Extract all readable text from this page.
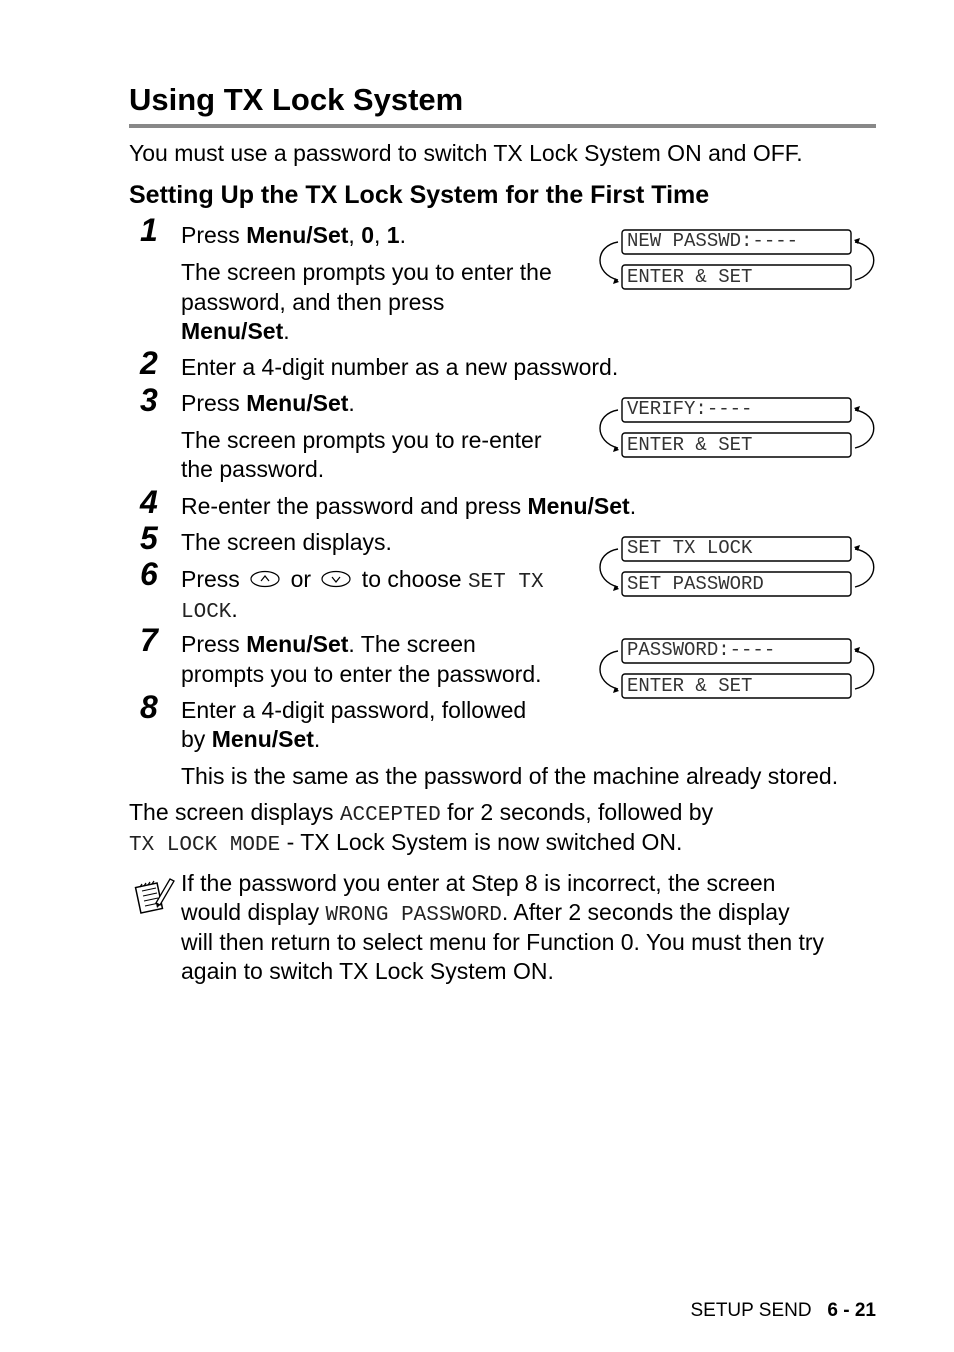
Using TX Lock System
You must use a password to switch TX Lock System ON and OFF.
Setting Up the TX Lock System for the First Time
1
2
3
4
5
6
7
8
Press Menu/Set, 0, 1.
The screen prompts you to enter the
password, and then press
Menu/Set.
Enter a 4-digit number as a new password.
Press Menu/Set.
The screen prompts you to re-enter
the password.
Re-enter the password and press Menu/Set.
The screen displays.
Press  or  to choose SET TX
LOCK.
Press Menu/Set. The screen
prompts you to enter the password.
Enter a 4-digit password, followed
by Menu/Set.
This is the same as the password of the machine already stored.
The screen displays ACCEPTED for 2 seconds, followed by
TX LOCK MODE - TX Lock System is now switched ON.
If the password you enter at Step 8 is incorrect, the screen
would display WRONG PASSWORD. After 2 seconds the display
will then return to select menu for Function 0. You must then try
again to switch TX Lock System ON.
NEW PASSWD:----
ENTER & SET
VERIFY:----
ENTER & SET
SET TX LOCK
SET PASSWORD
PASSWORD:----
ENTER & SET
SETUP SEND 6 - 21
